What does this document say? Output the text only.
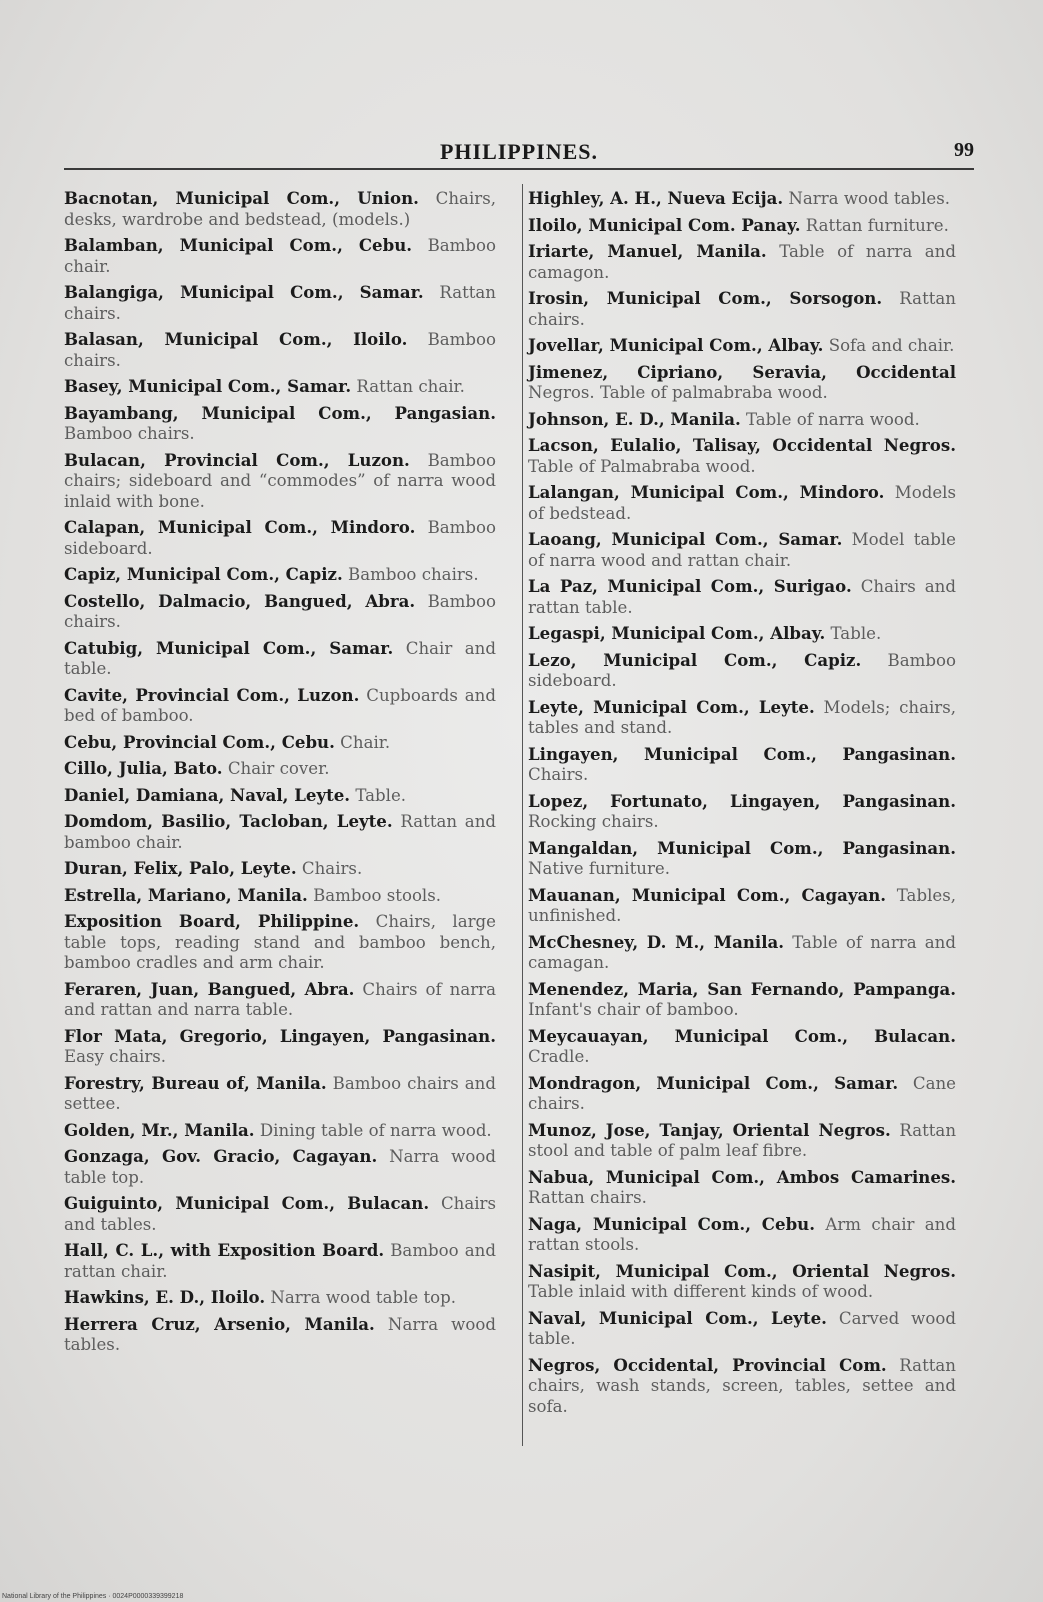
PHILIPPINES.	99

Bacnotan, Municipal Com., Union. Chairs, desks, wardrobe and bedstead, (models.)

Balamban, Municipal Com., Cebu. Bamboo chair.

Balangiga, Municipal Com., Samar. Rattan chairs.

Balasan, Municipal Com., Iloilo. Bamboo chairs.

Basey, Municipal Com., Samar. Rattan chair.

Bayambang, Municipal Com., Pangasian. Bamboo chairs.

Bulacan, Provincial Com., Luzon. Bamboo chairs; sideboard and “commodes” of narra wood inlaid with bone.

Calapan, Municipal Com., Mindoro. Bamboo sideboard.

Capiz, Municipal Com., Capiz. Bamboo chairs.

Costello, Dalmacio, Bangued, Abra. Bamboo chairs.

Catubig, Municipal Com., Samar. Chair and table.

Cavite, Provincial Com., Luzon. Cupboards and bed of bamboo.

Cebu, Provincial Com., Cebu. Chair.

Cillo, Julia, Bato. Chair cover.

Daniel, Damiana, Naval, Leyte. Table.

Domdom, Basilio, Tacloban, Leyte. Rattan and bamboo chair.

Duran, Felix, Palo, Leyte. Chairs.

Estrella, Mariano, Manila. Bamboo stools.

Exposition Board, Philippine. Chairs, large table tops, reading stand and bamboo bench, bamboo cradles and arm chair.

Feraren, Juan, Bangued, Abra. Chairs of narra and rattan and narra table.

Flor Mata, Gregorio, Lingayen, Pangasinan. Easy chairs.

Forestry, Bureau of, Manila. Bamboo chairs and settee.

Golden, Mr., Manila. Dining table of narra wood.

Gonzaga, Gov. Gracio, Cagayan. Narra wood table top.

Guiguinto, Municipal Com., Bulacan. Chairs and tables.

Hall, C. L., with Exposition Board. Bamboo and rattan chair.

Hawkins, E. D., Iloilo. Narra wood table top.

Herrera Cruz, Arsenio, Manila. Narra wood tables.

Highley, A. H., Nueva Ecija. Narra wood tables.

Iloilo, Municipal Com. Panay. Rattan furniture.

Iriarte, Manuel, Manila. Table of narra and camagon.

Irosin, Municipal Com., Sorsogon. Rattan chairs.

Jovellar, Municipal Com., Albay. Sofa and chair.

Jimenez, Cipriano, Seravia, Occidental Negros. Table of palmabraba wood.

Johnson, E. D., Manila. Table of narra wood.

Lacson, Eulalio, Talisay, Occidental Negros. Table of Palmabraba wood.

Lalangan, Municipal Com., Mindoro. Models of bedstead.

Laoang, Municipal Com., Samar. Model table of narra wood and rattan chair.

La Paz, Municipal Com., Surigao. Chairs and rattan table.

Legaspi, Municipal Com., Albay. Table.

Lezo, Municipal Com., Capiz. Bamboo sideboard.

Leyte, Municipal Com., Leyte. Models; chairs, tables and stand.

Lingayen, Municipal Com., Pangasinan. Chairs.

Lopez, Fortunato, Lingayen, Pangasinan. Rocking chairs.

Mangaldan, Municipal Com., Pangasinan. Native furniture.

Mauanan, Municipal Com., Cagayan. Tables, unfinished.

McChesney, D. M., Manila. Table of narra and camagan.

Menendez, Maria, San Fernando, Pampanga. Infant's chair of bamboo.

Meycauayan, Municipal Com., Bulacan. Cradle.

Mondragon, Municipal Com., Samar. Cane chairs.

Munoz, Jose, Tanjay, Oriental Negros. Rattan stool and table of palm leaf fibre.

Nabua, Municipal Com., Ambos Camarines. Rattan chairs.

Naga, Municipal Com., Cebu. Arm chair and rattan stools.

Nasipit, Municipal Com., Oriental Negros. Table inlaid with different kinds of wood.

Naval, Municipal Com., Leyte. Carved wood table.

Negros, Occidental, Provincial Com. Rattan chairs, wash stands, screen, tables, settee and sofa.

National Library of the Philippines · 0024P0000339399218
